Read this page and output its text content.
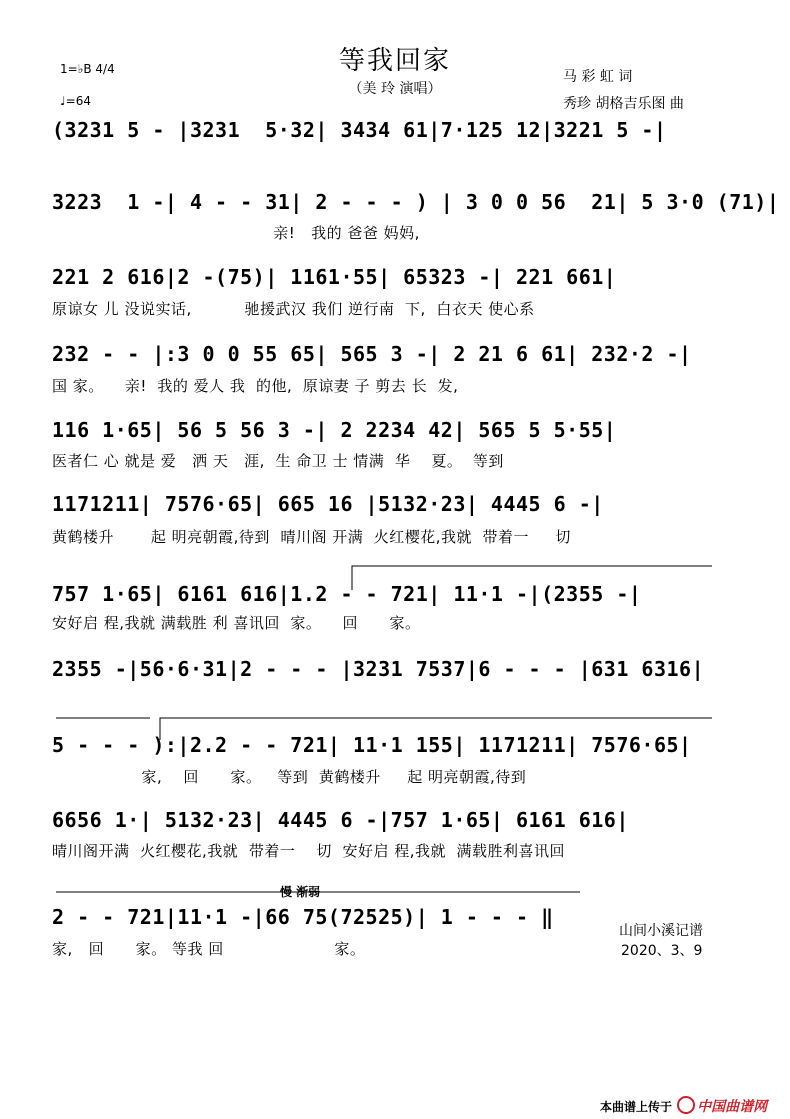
等我回家
（美 玲 演唱）
1=♭B 4/4
♩=64
马 彩 虹 词
秀珍 胡格吉乐图 曲
(3231 5 - |3231  5·32| 3434 61|7·125 12|3221 5 -|
3223  1 -| 4 - - 31| 2 - - - ) | 3 0 0 56  21| 5 3·0 (71)|
亲!   我的 爸爸 妈妈,
221 2 616|2 -(75)| 1161·55| 65323 -| 221 661|
原谅女 儿 没说实话,          驰援武汉 我们 逆行南  下,  白衣天 使心系
232 - - |:3 0 0 55 65| 565 3 -| 2 21 6 61| 232·2 -|
国 家。    亲!  我的 爱人 我  的他,  原谅妻 子 剪去 长  发,
116 1·65| 56 5 56 3 -| 2 2234 42| 565 5 5·55|
医者仁 心 就是 爱   洒 天   涯,  生 命卫 士 情满  华    夏。  等到
1171211| 7576·65| 665 16 |5132·23| 4445 6 -|
黄鹤楼升       起 明亮朝霞,待到  晴川阁 开满  火红樱花,我就  带着一     切
757 1·65| 6161 616|1.2 - - 721| 11·1 -|(2355 -|
安好启 程,我就 满载胜 利 喜讯回  家。    回      家。
2355 -|56·6·31|2 - - - |3231 7537|6 - - - |631 6316|
5 - - - ):|2.2 - - 721| 11·1 155| 1171211| 7576·65|
家,    回      家。   等到  黄鹤楼升     起 明亮朝霞,待到
6656 1·| 5132·23| 4445 6 -|757 1·65| 6161 616|
晴川阁开满  火红樱花,我就  带着一    切  安好启 程,我就  满载胜利喜讯回
慢 渐弱
2 - - 721|11·1 -|66 75(72525)| 1 - - - ‖
家,   回      家。 等我 回                     家。
山间小溪记谱
2020、3、9
本曲谱上传于 中国曲谱网
